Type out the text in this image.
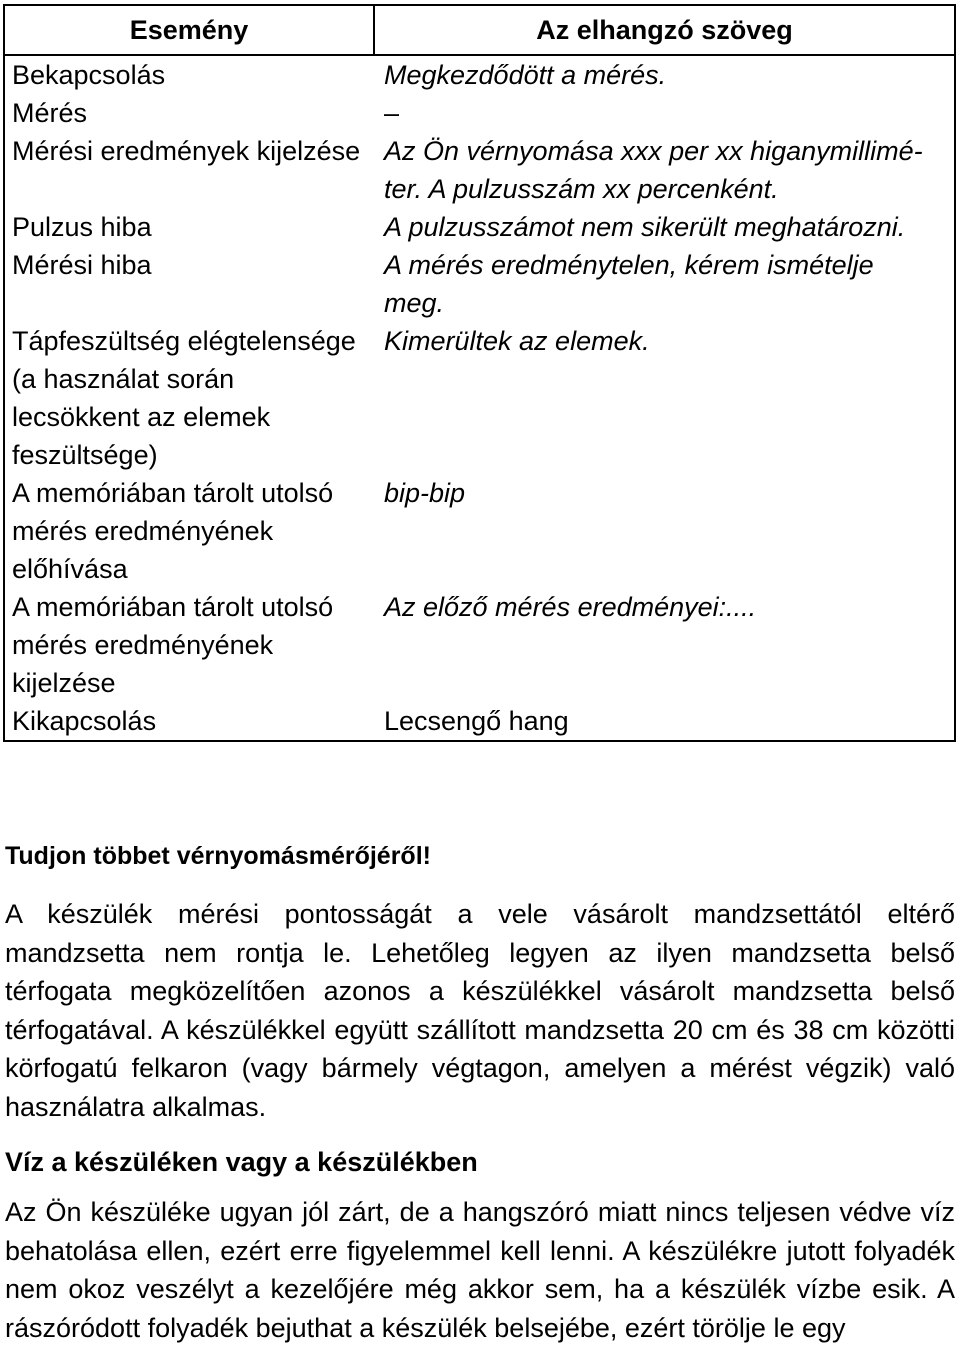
Esemény	Az elhangzó szöveg
Bekapcsolás	Megkezdődött a mérés.
Mérés	–
Mérési eredmények kijelzése	Az Ön vérnyomása xxx per xx higanymillimé-
ter. A pulzusszám xx percenként.
Pulzus hiba	A pulzusszámot nem sikerült meghatározni.
Mérési hiba	A mérés eredménytelen, kérem ismételje
meg.
Tápfeszültség elégtelensége
(a használat során
lecsökkent az elemek
feszültsége)	Kimerültek az elemek.
A memóriában tárolt utolsó
mérés eredményének
előhívása	bip-bip
A memóriában tárolt utolsó
mérés eredményének
kijelzése	Az előző mérés eredményei:....
Kikapcsolás	Lecsengő hang
Tudjon többet vérnyomásmérőjéről!
A készülék mérési pontosságát a vele vásárolt mandzsettától eltérő mandzsetta nem rontja le. Lehetőleg legyen az ilyen mandzsetta belső térfogata megközelítően azonos a készülékkel vásárolt mandzsetta belső térfogatával. A készülékkel együtt szállított mandzsetta 20 cm és 38 cm közötti körfogatú felkaron (vagy bármely végtagon, amelyen a mérést végzik) való használatra alkalmas.
Víz a készüléken vagy a készülékben
Az Ön készüléke ugyan jól zárt, de a hangszóró miatt nincs teljesen védve víz behatolása ellen, ezért erre figyelemmel kell lenni. A készülékre jutott folyadék nem okoz veszélyt a kezelőjére még akkor sem, ha a készülék vízbe esik. A rászóródott folyadék bejuthat a készülék belsejébe, ezért törölje le egy
